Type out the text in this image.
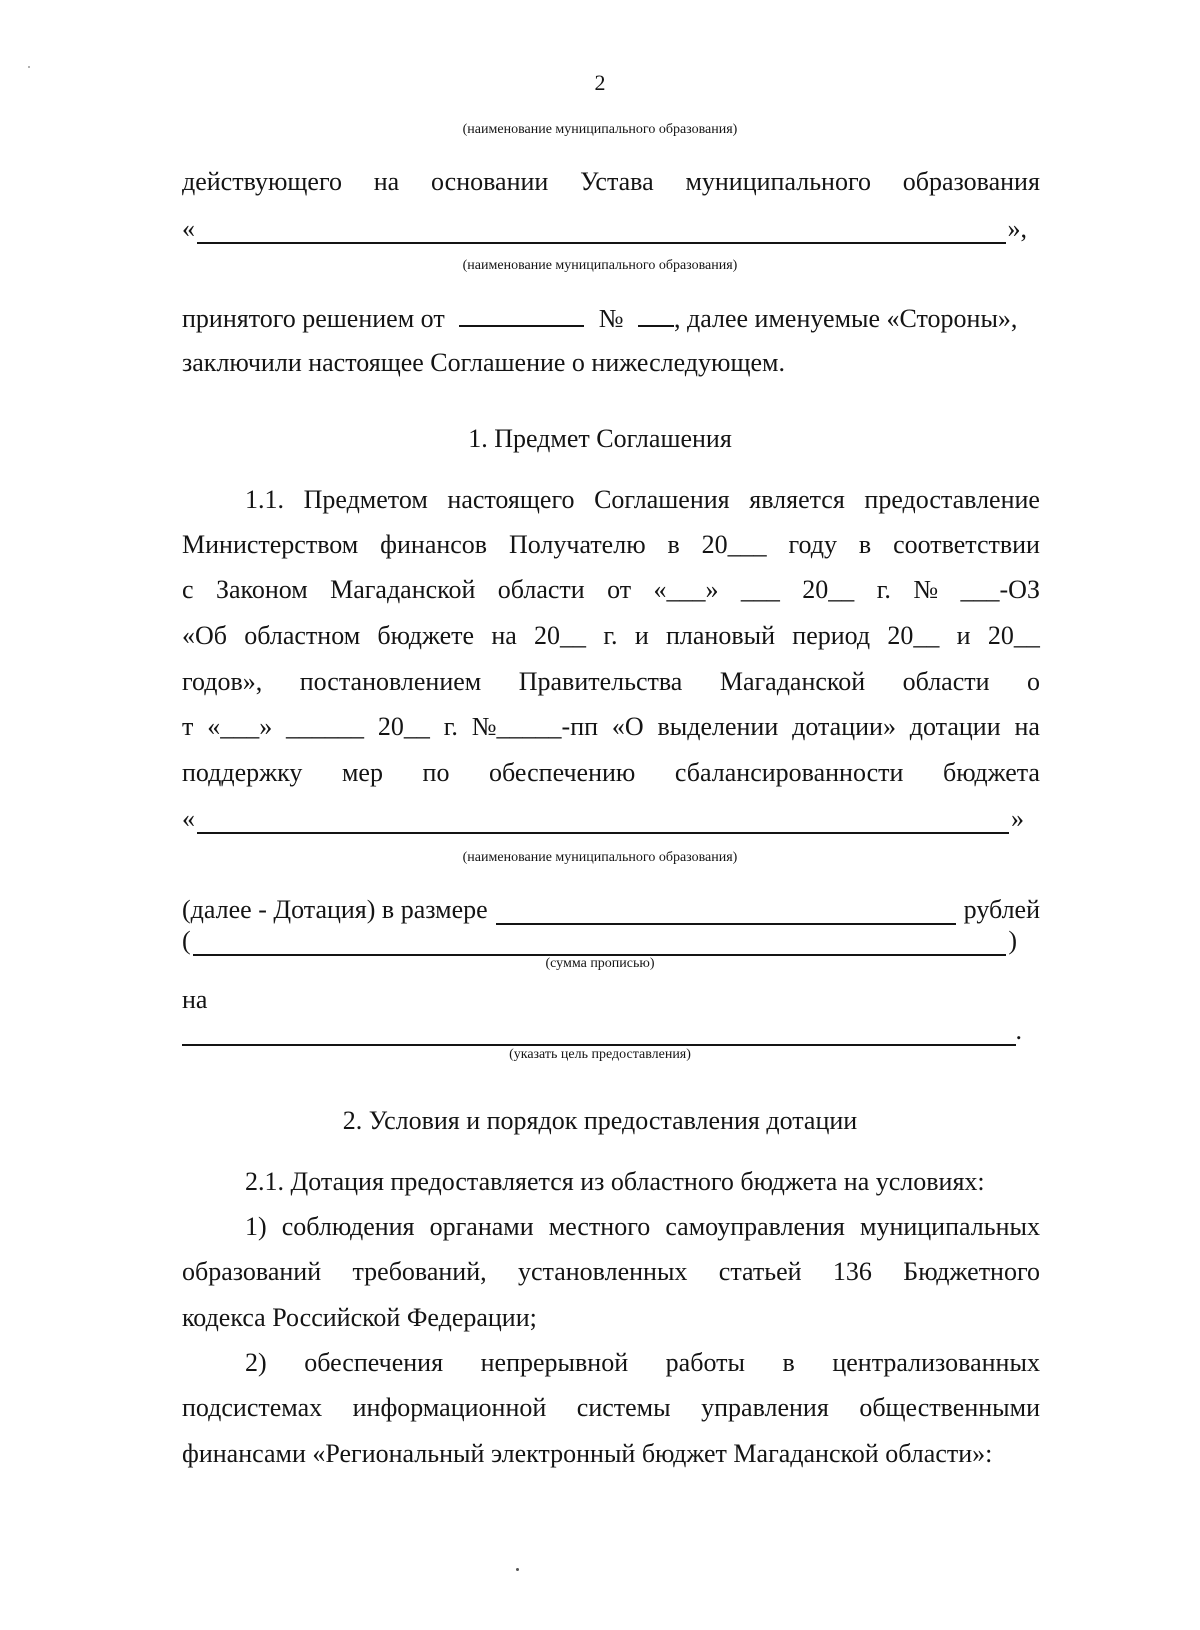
2
(наименование муниципального образования)
действующего на основании Устава муниципального образования
«	»,
(наименование муниципального образования)
принятого решением от	№ , далее именуемые «Стороны»,
заключили настоящее Соглашение о нижеследующем.
1. Предмет Соглашения
1.1. Предметом настоящего Соглашения является предоставление
Министерством финансов Получателю в 20___ году в соответствии
с Законом Магаданской области от «___» ___ 20__ г. № ___-ОЗ
«Об областном бюджете на 20__ г. и плановый период 20__ и 20__
годов», постановлением Правительства Магаданской области о
т «___» ______ 20__ г. №_____-пп «О выделении дотации» дотации на
поддержку мер по обеспечению сбалансированности бюджета
«	»
(наименование муниципального образования)
(далее - Дотация) в размере	рублей
(	)
(сумма прописью)
на
.
(указать цель предоставления)
2. Условия и порядок предоставления дотации
2.1. Дотация предоставляется из областного бюджета на условиях:
1) соблюдения органами местного самоуправления муниципальных
образований требований, установленных статьей 136 Бюджетного
кодекса Российской Федерации;
2) обеспечения непрерывной работы в централизованных
подсистемах информационной системы управления общественными
финансами «Региональный электронный бюджет Магаданской области»:
